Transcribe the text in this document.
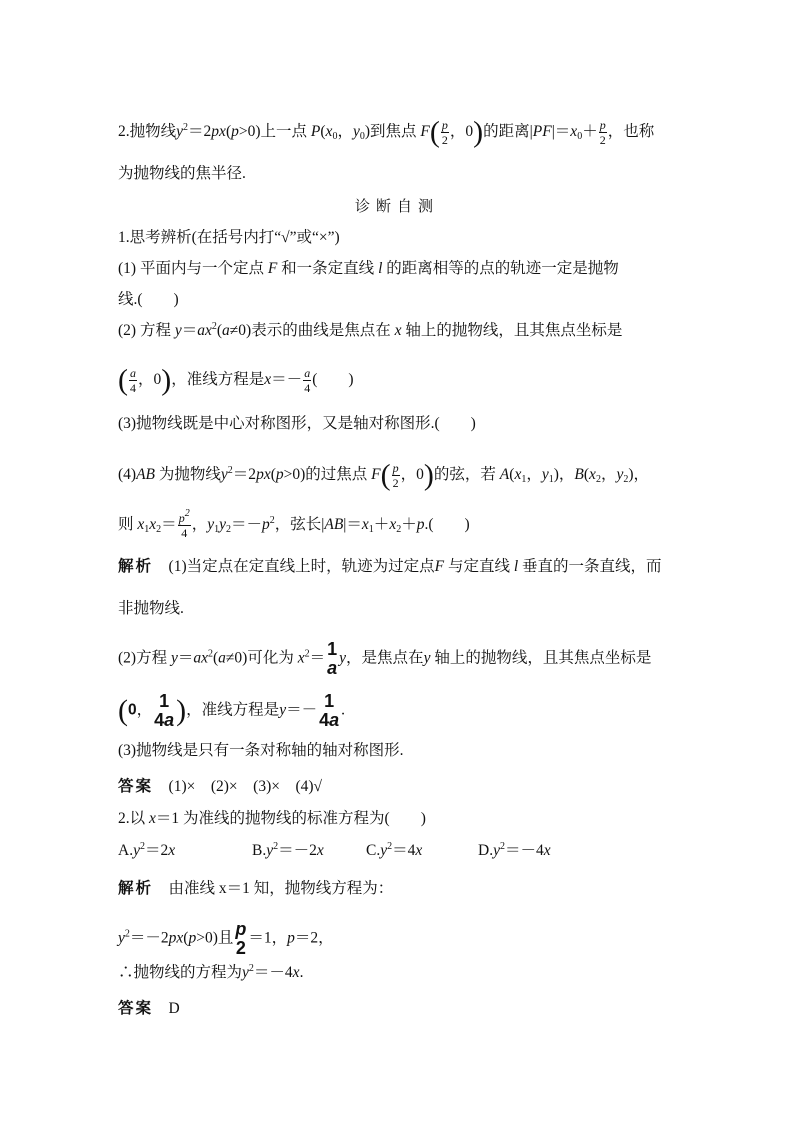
2.抛物线$y^2=2px(p>0)$上一点 $P(x_0$，$y_0$)到焦点 $F( \frac{p}{2}$ ，0)的距离$|PF|=x_0+ \frac{p}{2}$ ，也称
为抛物线的焦半径.
诊断自测
1.思考辨析(在括号内打“√”或“×”)
(1) 平面内与一个定点 F 和一条定直线 l 的距离相等的点的轨迹一定是抛物
线.(　　)
(2) 方程 $y=ax^2(a\ne 0)$表示的曲线是焦点在 x 轴上的抛物线，且其焦点坐标是
( $\frac{a}{4}$ ，0)，准线方程是$x=- \frac{a}{4}$ (　　)
(3)抛物线既是中心对称图形，又是轴对称图形.(　　)
(4)AB 为抛物线$y^2=2px(p>0)$的过焦点 $F( \frac{p}{2}$ ，0)的弦，若 $A(x_1$，$y_1$)，$B(x_2$，$y_2$)，
则 $x_1x_2= \frac{p^2}{4}$ ，$y_1y_2=-p^2$，弦长$|AB|=x_1+x_2+p$.(　　)
解析　 (1)当定点在定直线上时，轨迹为过定点F 与定直线 l 垂直的一条直线，而
非抛物线.
(2)方程 $y=ax^2(a\ne 0)$可化为 $x^2= 1$
a y，是焦点在y 轴上的抛物线，且其焦点坐标是
(0， 1
4a )，准线方程是y＝－ 1
4a .
(3)抛物线是只有一条对称轴的轴对称图形.
答案　 (1)×　(2)×　(3)×　(4)√
2.以 x＝1 为准线的抛物线的标准方程为(　　)
$A.y^2=2x$	$B.y^2=-2x$	$C.y^2=4x$	$D.y^2=-4x$
解析　 由准线 x＝1 知，抛物线方程为：
$y^2=-2px(p>0)$且 p
2 ＝1，p＝2，
∴抛物线的方程为$y^2=-4x$.
答案　 D
